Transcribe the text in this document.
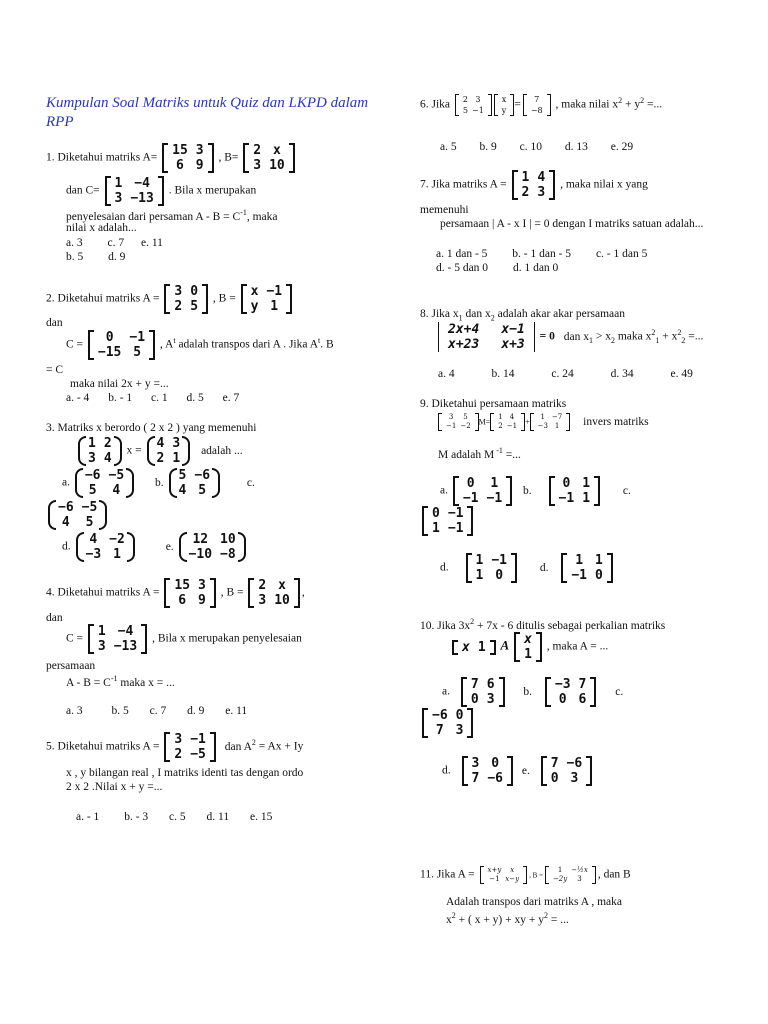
Kumpulan Soal Matriks untuk Quiz dan LKPD dalam RPP
1. Diketahui matriks A= 15	3
6	9
, B= 2	x
3	10
dan C= 1	−4
3	−13
. Bila x merupakan
penyelesaian dari persaman $A - B = C^{-1}$, maka
nilai x adalah...
a. 3 c. 7 e. 11
b. 5 d. 9
2. Diketahui matriks A = 3	0
2	5
, B = x	−1
y	1
dan
C = 0	−1
−15	5
, $A^t$ adalah transpos dari A . Jika $A^t$. B
= C
maka nilai 2x + y =...
a. - 4 b. - 1 c. 1 d. 5 e. 7
3. Matriks x berordo ( 2 x 2 ) yang memenuhi
1	2
3	4
x = 4	3
2	1
adalah ...
a. −6	−5
5	4
b. 5	−6
4	5
c.
−6	−5
4	5
d. 4	−2
−3	1
e. 12	10
−10	−8
4. Diketahui matriks A = 15	3
6	9
, B = 2	x
3	10
,
dan
C = 1	−4
3	−13
, Bila x merupakan penyelesaian
persamaan
$A - B = C^{-1}$ maka x = ...
a. 3	b. 5 c. 7 d. 9 e. 11
5. Diketahui matriks A = 3	−1
2	−5
dan $A^2 = Ax + Iy$
x , y bilangan real , I matriks identi tas dengan ordo
2 x 2 .Nilai x + y =...
a. - 1 b. - 3 c. 5 d. 11 e. 15
6. Jika 2	3
5	−1
x
y = 7
−8 , maka nilai $x^2 + y^2$ =...
a. 5 b. 9 c. 10 d. 13 e. 29
7. Jika matriks A = 1	4
2	3
, maka nilai x yang
memenuhi
persamaan | A - x I | = 0 dengan I matriks satuan adalah...
a. 1 dan - 5 b. - 1 dan - 5 c. - 1 dan 5
d. - 5 dan 0 d. 1 dan 0
8. Jika $x_1$ dan $x_2$ adalah akar akar persamaan
2x+4	x−1
x+23	x+3
= 0 dan $x_1 > x_2$ maka $x^2_1 + x^2_2$ =...
a. 4	b. 14	c. 24	d. 34	e. 49
9. Diketahui persamaan matriks
3	5
−1	−2 M=
1	4
2	−1 +
1	−7
−3	1 invers matriks
M adalah M $^{-1}$ =...
a. 0	1
−1	−1
b. 0	1
−1	1
c.
0	−1
1	−1
d. 1	−1
1	0
d. 1	1
−1	0
10. Jika $3x^2 + 7x - 6$ ditulis sebagai perkalian matriks
x	1 A x
1
, maka A = ...
a. 7	6
0	3
b. −3	7
0	6
c.
−6	0
7	3
d. 3	0
7	−6
e. 7	−6
0	3
11. Jika A = x+y	x
−1	x−y , B =
1	−½x
−2y	3 , dan B
Adalah transpos dari matriks A , maka
$x^2$ + ( x + y) + xy + $y^2$ = ...
